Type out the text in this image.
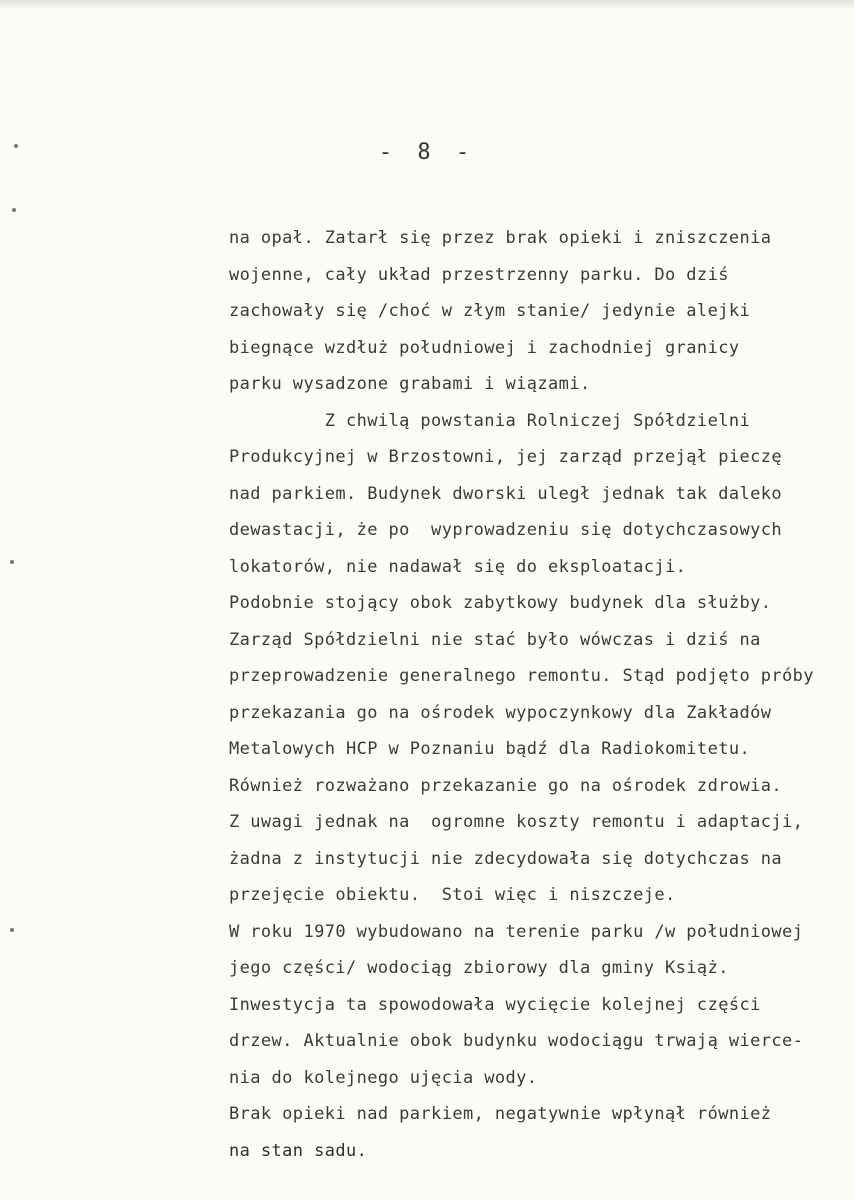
- 8 -
na opał. Zatarł się przez brak opieki i zniszczenia
wojenne, cały układ przestrzenny parku. Do dziś
zachowały się /choć w złym stanie/ jedynie alejki
biegnące wzdłuż południowej i zachodniej granicy
parku wysadzone grabami i wiązami.
Z chwilą powstania Rolniczej Spółdzielni
Produkcyjnej w Brzostowni, jej zarząd przejął pieczę
nad parkiem. Budynek dworski uległ jednak tak daleko
dewastacji, że po  wyprowadzeniu się dotychczasowych
lokatorów, nie nadawał się do eksploatacji.
Podobnie stojący obok zabytkowy budynek dla służby.
Zarząd Spółdzielni nie stać było wówczas i dziś na
przeprowadzenie generalnego remontu. Stąd podjęto próby
przekazania go na ośrodek wypoczynkowy dla Zakładów
Metalowych HCP w Poznaniu bądź dla Radiokomitetu.
Również rozważano przekazanie go na ośrodek zdrowia.
Z uwagi jednak na  ogromne koszty remontu i adaptacji,
żadna z instytucji nie zdecydowała się dotychczas na
przejęcie obiektu.  Stoi więc i niszczeje.
W roku 1970 wybudowano na terenie parku /w południowej
jego części/ wodociąg zbiorowy dla gminy Książ.
Inwestycja ta spowodowała wycięcie kolejnej części
drzew. Aktualnie obok budynku wodociągu trwają wierce-
nia do kolejnego ujęcia wody.
Brak opieki nad parkiem, negatywnie wpłynął również
na stan sadu.
